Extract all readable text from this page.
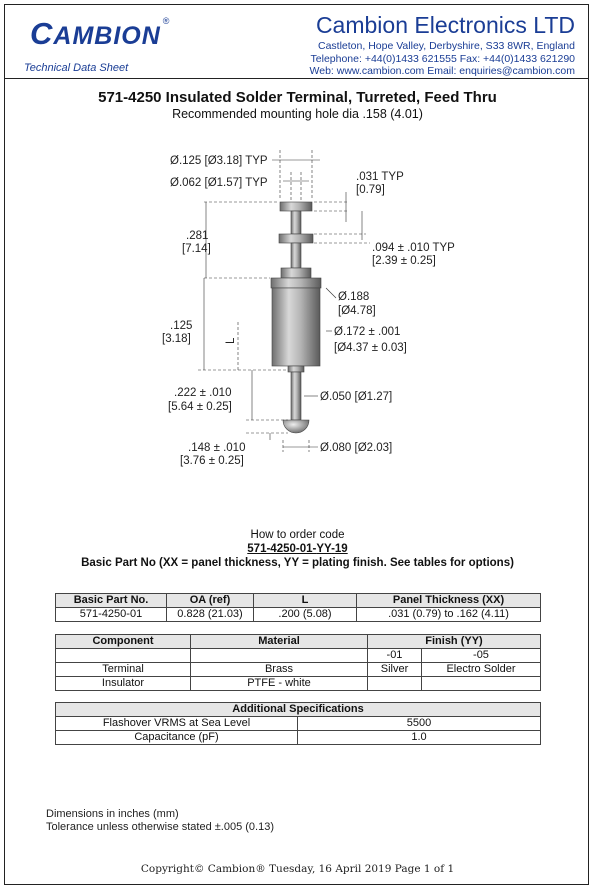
CAMBION®
Technical Data Sheet
Cambion Electronics LTD
Castleton, Hope Valley, Derbyshire, S33 8WR, England
Telephone: +44(0)1433 621555 Fax: +44(0)1433 621290
Web: www.cambion.com Email: enquiries@cambion.com
571-4250 Insulated Solder Terminal, Turreted, Feed Thru
Recommended mounting hole dia .158 (4.01)
Ø.125 [Ø3.18] TYP
Ø.062 [Ø1.57] TYP	.031 TYP
[0.79]
.281
[7.14]	.094 ± .010 TYP
[2.39 ± 0.25]
Ø.188
[Ø4.78]
.125
[3.18]	L
Ø.172 ± .001
[Ø4.37 ± 0.03]
.222 ± .010
[5.64 ± 0.25]
Ø.050 [Ø1.27]
.148 ± .010
[3.76 ± 0.25]
Ø.080 [Ø2.03]
How to order code
571-4250-01-YY-19
Basic Part No (XX = panel thickness, YY = plating finish. See tables for options)
Basic Part No.	OA (ref)	L	Panel Thickness (XX)
571-4250-01	0.828 (21.03)	.200 (5.08)	.031 (0.79) to .162 (4.11)
Component	Material	Finish (YY)	
		-01	-05
Terminal	Brass	Silver	Electro Solder
Insulator	PTFE - white		
Additional Specifications	
Flashover VRMS at Sea Level	5500
Capacitance (pF)	1.0
Dimensions in inches (mm)
Tolerance unless otherwise stated ±.005 (0.13)
Copyright© Cambion® Tuesday, 16 April 2019 Page 1 of 1
